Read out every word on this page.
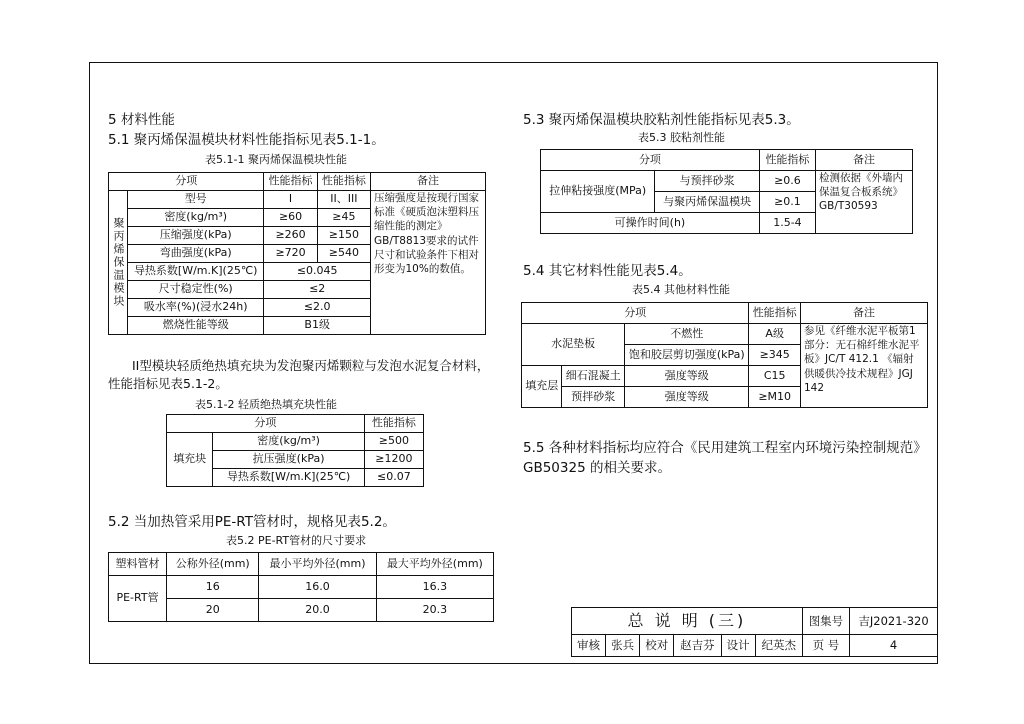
5 材料性能
5.1 聚丙烯保温模块材料性能指标见表5.1-1。
表5.1-1 聚丙烯保温模块性能
分项		性能指标	性能指标	备注
聚丙烯保温模块	型号	I	II、III	压缩强度是按现行国家标准《硬质泡沫塑料压缩性能的测定》GB/T8813要求的试件尺寸和试验条件下相对形变为10%的数值。
	密度(kg/m³)	≥60	≥45	
	压缩强度(kPa)	≥260	≥150	
	弯曲强度(kPa)	≥720	≥540	
	导热系数[W/m.K](25℃)	≤0.045		
	尺寸稳定性(%)	≤2		
	吸水率(%)(浸水24h)	≤2.0		
	燃烧性能等级	B1级		
II型模块轻质绝热填充块为发泡聚丙烯颗粒与发泡水泥复合材料，
性能指标见表5.1-2。
表5.1-2 轻质绝热填充块性能
分项		性能指标
填充块	密度(kg/m³)	≥500
	抗压强度(kPa)	≥1200
	导热系数[W/m.K](25℃)	≤0.07
5.2 当加热管采用PE-RT管材时，规格见表5.2。
表5.2 PE-RT管材的尺寸要求
塑料管材	公称外径(mm)	最小平均外径(mm)	最大平均外径(mm)
PE-RT管	16	16.0	16.3
	20	20.0	20.3
5.3 聚丙烯保温模块胶粘剂性能指标见表5.3。
表5.3 胶粘剂性能
分项		性能指标	备注
拉伸粘接强度(MPa)	与预拌砂浆	≥0.6	检测依据《外墙内保温复合板系统》GB/T30593
	与聚丙烯保温模块	≥0.1	
可操作时间(h)		1.5-4	
5.4 其它材料性能见表5.4。
表5.4 其他材料性能
分项			性能指标	备注
水泥垫板		不燃性	A级	参见《纤维水泥平板第1部分：无石棉纤维水泥平板》JC/T 412.1 《辐射供暖供冷技术规程》JGJ 142
		饱和胶层剪切强度(kPa)	≥345	
填充层	细石混凝土	强度等级	C15	
	预拌砂浆	强度等级	≥M10	
5.5 各种材料指标均应符合《民用建筑工程室内环境污染控制规范》
GB50325 的相关要求。
总 说 明 (三)						图集号	吉J2021-320
审核	张兵	校对	赵吉芬	设计	纪英杰	页 号	4
